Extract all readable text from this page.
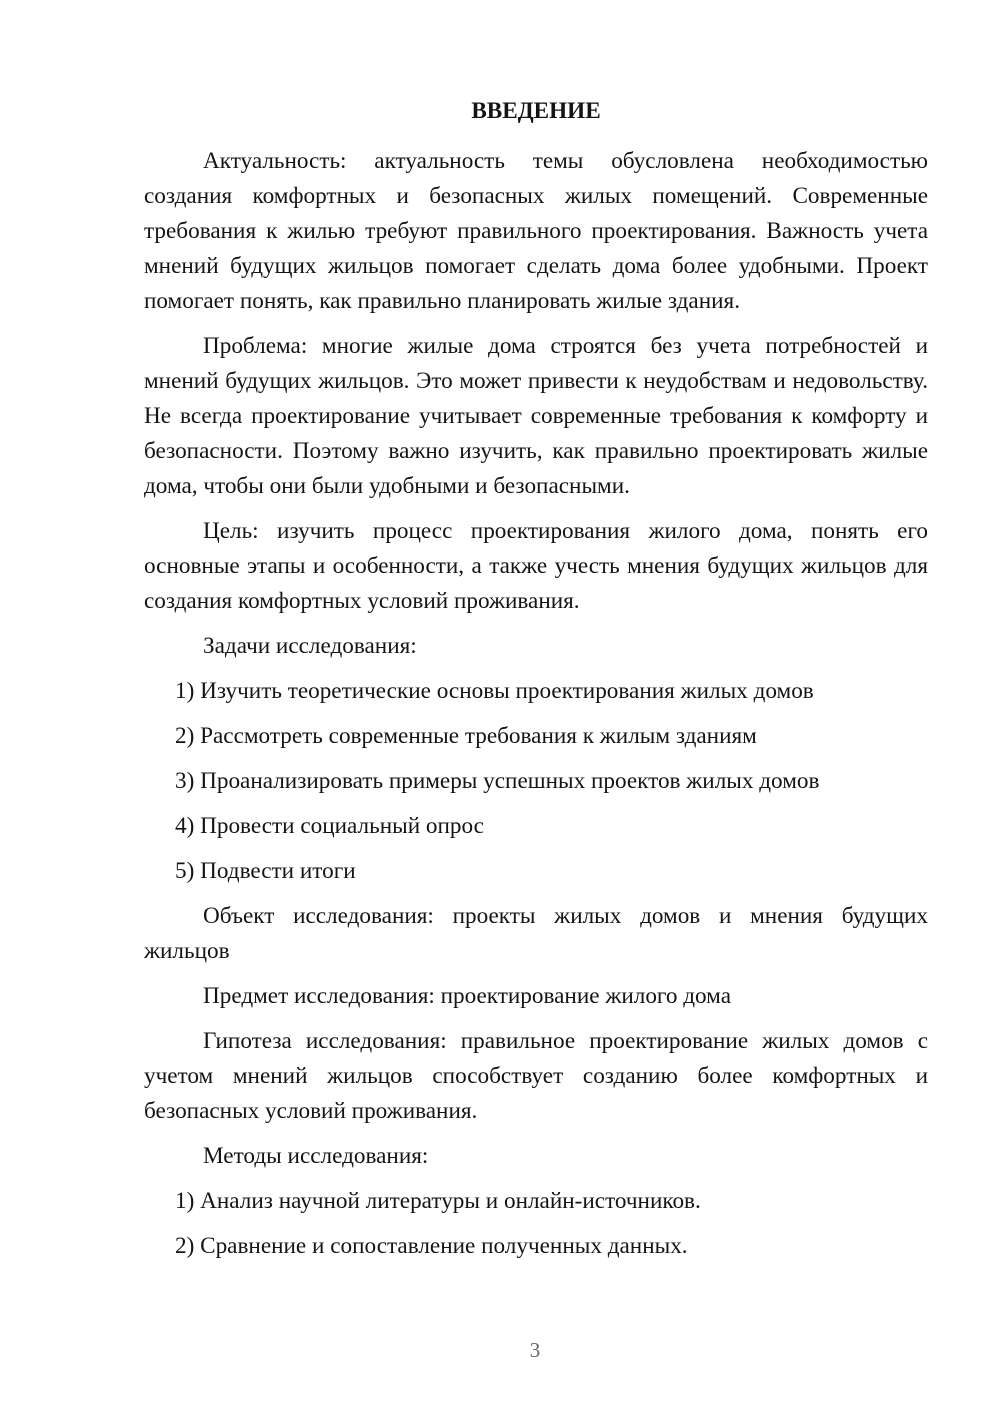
ВВЕДЕНИЕ

Актуальность: актуальность темы обусловлена необходимостью создания комфортных и безопасных жилых помещений. Современные требования к жилью требуют правильного проектирования. Важность учета мнений будущих жильцов помогает сделать дома более удобными. Проект помогает понять, как правильно планировать жилые здания.

Проблема: многие жилые дома строятся без учета потребностей и мнений будущих жильцов. Это может привести к неудобствам и недовольству. Не всегда проектирование учитывает современные требования к комфорту и безопасности. Поэтому важно изучить, как правильно проектировать жилые дома, чтобы они были удобными и безопасными.

Цель: изучить процесс проектирования жилого дома, понять его основные этапы и особенности, а также учесть мнения будущих жильцов для создания комфортных условий проживания.

Задачи исследования:

1) Изучить теоретические основы проектирования жилых домов
2) Рассмотреть современные требования к жилым зданиям
3) Проанализировать примеры успешных проектов жилых домов
4) Провести социальный опрос
5) Подвести итоги

Объект исследования: проекты жилых домов и мнения будущих жильцов

Предмет исследования: проектирование жилого дома

Гипотеза исследования: правильное проектирование жилых домов с учетом мнений жильцов способствует созданию более комфортных и безопасных условий проживания.

Методы исследования:

1) Анализ научной литературы и онлайн-источников.
2) Сравнение и сопоставление полученных данных.
3
